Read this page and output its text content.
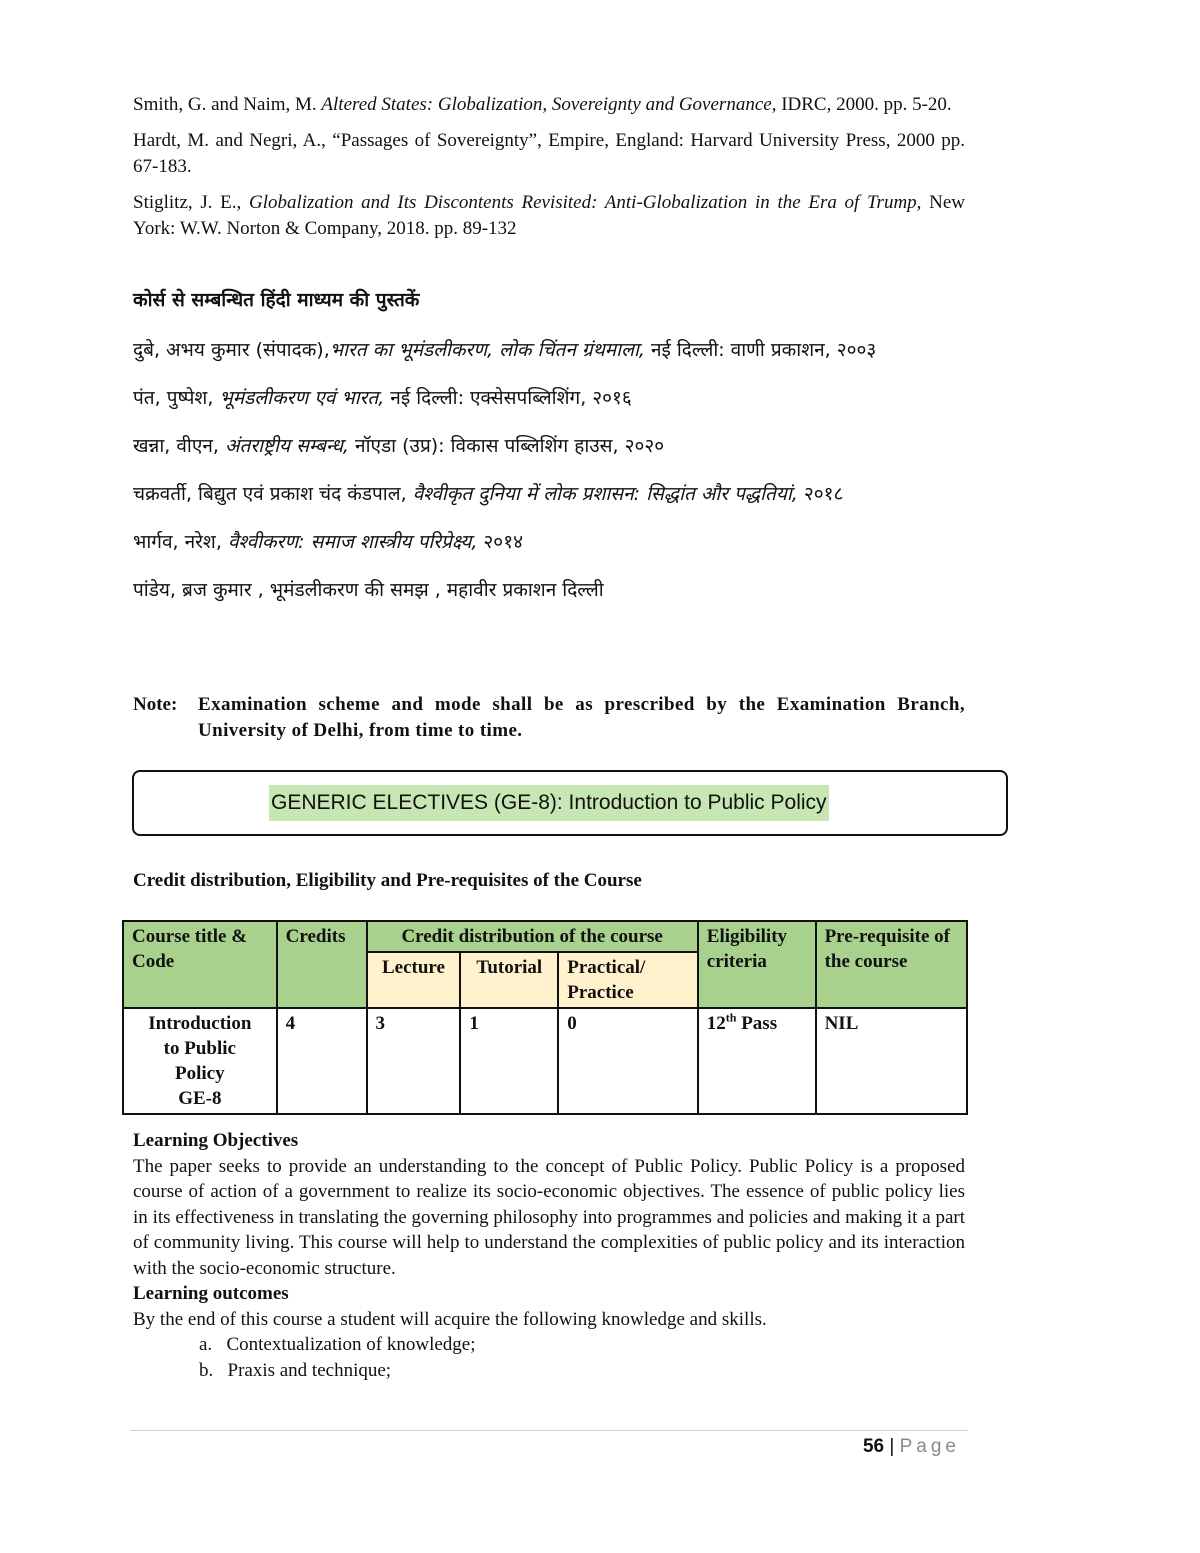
Smith, G. and Naim, M. Altered States: Globalization, Sovereignty and Governance, IDRC, 2000. pp. 5-20.

Hardt, M. and Negri, A., “Passages of Sovereignty”, Empire, England: Harvard University Press, 2000 pp. 67-183.

Stiglitz, J. E., Globalization and Its Discontents Revisited: Anti-Globalization in the Era of Trump, New York: W.W. Norton & Company, 2018. pp. 89-132

कोर्स से सम्बन्धित हिंदी माध्यम की पुस्तकें

दुबे, अभय कुमार (संपादक),भारत का भूमंडलीकरण, लोक चिंतन ग्रंथमाला, नई दिल्ली: वाणी प्रकाशन, २००३

पंत, पुष्पेश, भूमंडलीकरण एवं भारत, नई दिल्ली: एक्सेसपब्लिशिंग, २०१६

खन्ना, वीएन, अंतराष्ट्रीय सम्बन्ध, नॉएडा (उप्र): विकास पब्लिशिंग हाउस, २०२०

चक्रवर्ती, बिद्युत एवं प्रकाश चंद कंडपाल, वैश्वीकृत दुनिया में लोक प्रशासन: सिद्धांत और पद्धतियां, २०१८

भार्गव, नरेश, वैश्वीकरण: समाज शास्त्रीय परिप्रेक्ष्य, २०१४

पांडेय, ब्रज कुमार , भूमंडलीकरण की समझ , महावीर प्रकाशन दिल्ली

Note: Examination scheme and mode shall be as prescribed by the Examination Branch, University of Delhi, from time to time.
GENERIC ELECTIVES (GE-8): Introduction to Public Policy
Credit distribution, Eligibility and Pre-requisites of the Course
Course title & Code	Credits	Credit distribution of the course			Eligibility criteria	Pre-requisite of the course
		Lecture	Tutorial	Practical/ Practice		

Introduction
to Public
Policy
GE-8	4	3	1	0	12th Pass	NIL
Learning Objectives

The paper seeks to provide an understanding to the concept of Public Policy. Public Policy is a proposed course of action of a government to realize its socio-economic objectives. The essence of public policy lies in its effectiveness in translating the governing philosophy into programmes and policies and making it a part of community living. This course will help to understand the complexities of public policy and its interaction with the socio-economic structure.

Learning outcomes

By the end of this course a student will acquire the following knowledge and skills.

a. Contextualization of knowledge;
b. Praxis and technique;
56 | Page
